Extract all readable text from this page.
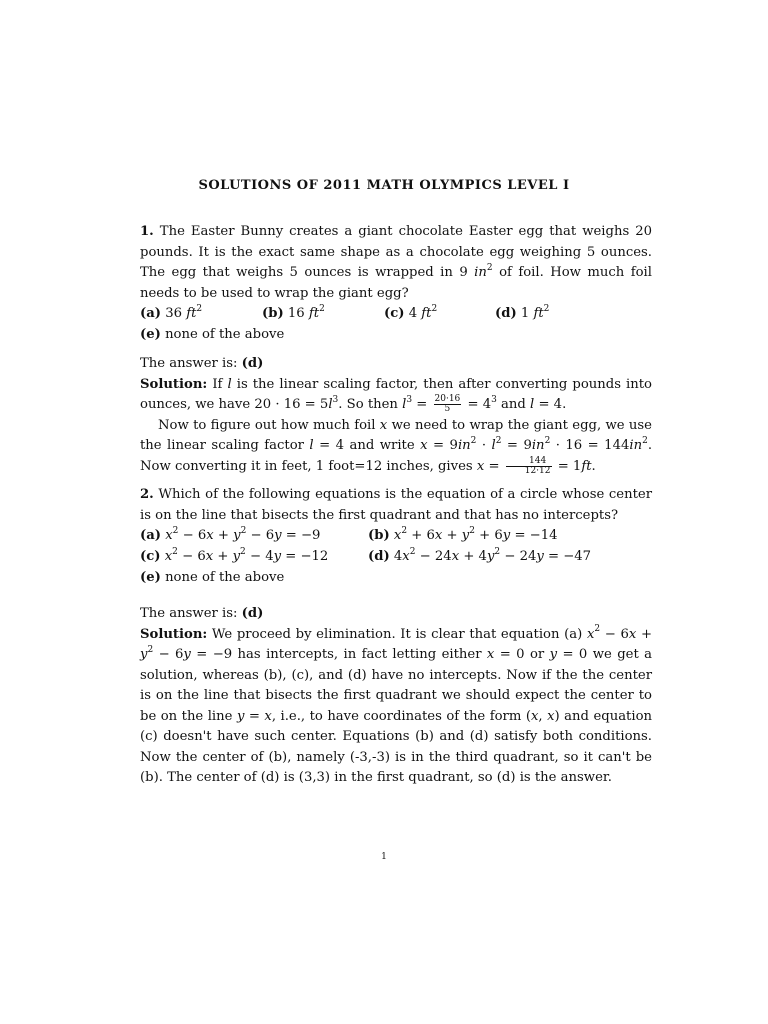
SOLUTIONS OF 2011 MATH OLYMPICS LEVEL I

1. The Easter Bunny creates a giant chocolate Easter egg that weighs 20 pounds. It is the exact same shape as a chocolate egg weighing 5 ounces. The egg that weighs 5 ounces is wrapped in 9 $in^2$ of foil. How much foil needs to be used to wrap the giant egg?

(a) 36 $ft^2$	(b) 16 $ft^2$	(c) 4 $ft^2$	(d) 1 $ft^2$
(e) none of the above

The answer is: (d)

Solution: If l is the linear scaling factor, then after converting pounds into ounces, we have $20 \cdot 16 = 5l^3$. So then $l^3 = \frac{20\cdot 16}{5} = 4^3$ and l = 4.

Now to figure out how much foil x we need to wrap the giant egg, we use the linear scaling factor l = 4 and write $x = 9in^2 \cdot l^2 = 9in^2 \cdot 16 = 144in^2$. Now converting it in feet, 1 foot=12 inches, gives $x = \frac{144}{12\cdot 12} = 1ft$.

2. Which of the following equations is the equation of a circle whose center is on the line that bisects the first quadrant and that has no intercepts?

(a) $x^2 - 6x + y^2 - 6y = -9$	(b) $x^2 + 6x + y^2 + 6y = -14$
(c) $x^2 - 6x + y^2 - 4y = -12$	(d) $4x^2 - 24x + 4y^2 - 24y = -47$
(e) none of the above

The answer is: (d)

Solution: We proceed by elimination. It is clear that equation (a) $x^2 - 6x + y^2 - 6y = -9$ has intercepts, in fact letting either x = 0 or y = 0 we get a solution, whereas (b), (c), and (d) have no intercepts. Now if the the center is on the line that bisects the first quadrant we should expect the center to be on the line y = x, i.e., to have coordinates of the form (x, x) and equation (c) doesn't have such center. Equations (b) and (d) satisfy both conditions. Now the center of (b), namely (-3,-3) is in the third quadrant, so it can't be (b). The center of (d) is (3,3) in the first quadrant, so (d) is the answer.

1
